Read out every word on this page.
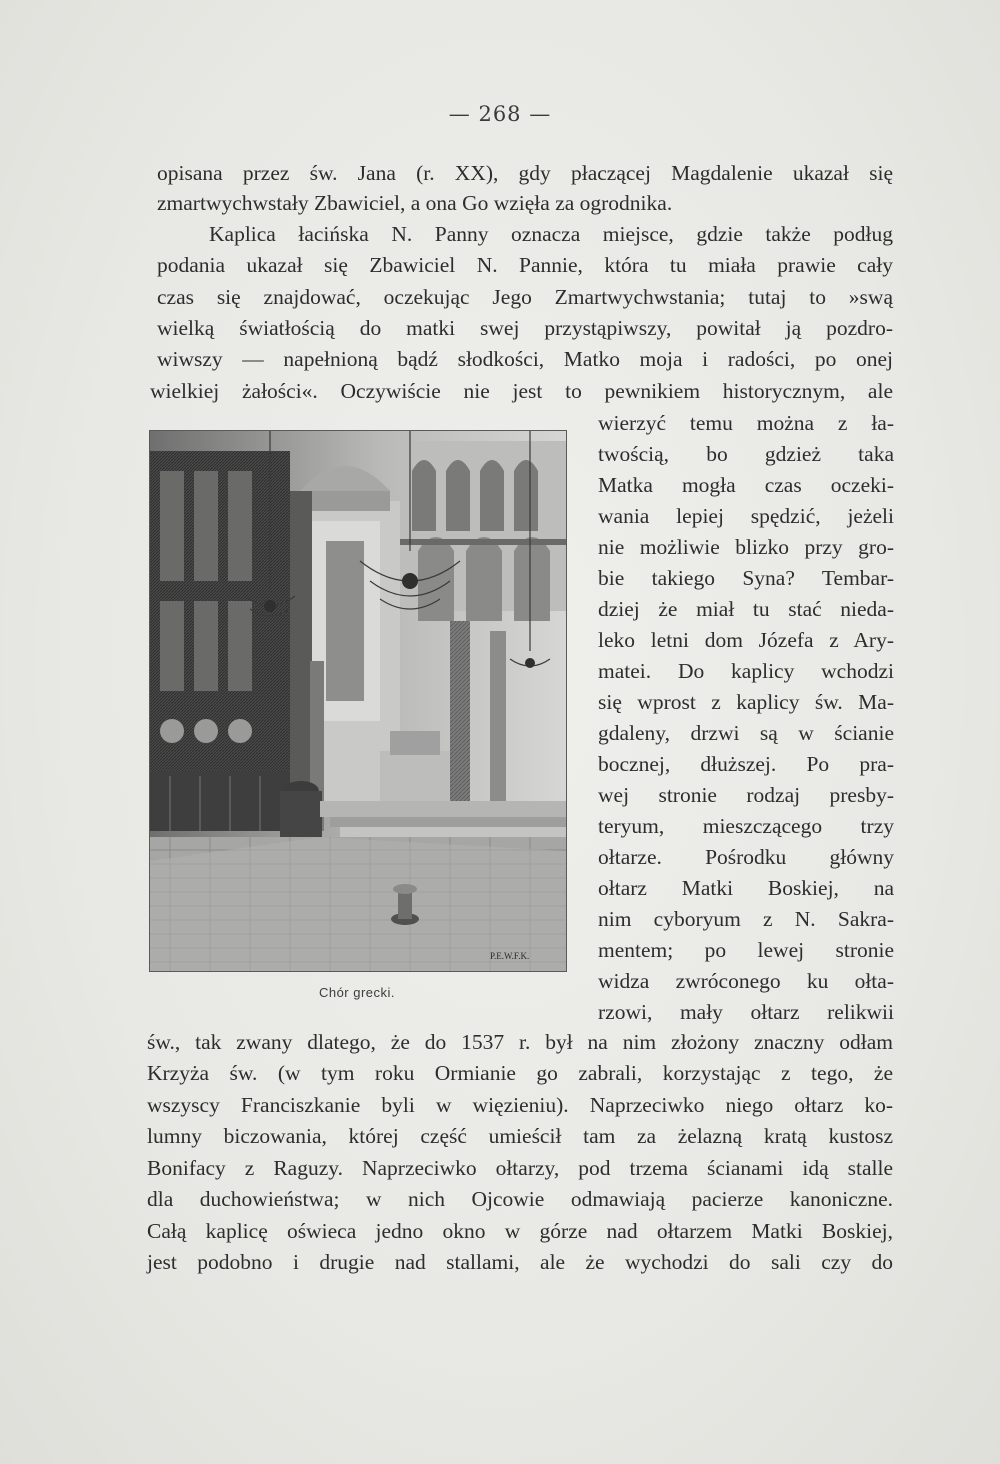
— 268 —
opisana przez św. Jana (r. XX), gdy płaczącej Magdalenie ukazał się
zmartwychwstały Zbawiciel, a ona Go wzięła za ogrodnika.
Kaplica łacińska N. Panny oznacza miejsce, gdzie także podług
podania ukazał się Zbawiciel N. Pannie, która tu miała prawie cały
czas się znajdować, oczekując Jego Zmartwychwstania; tutaj to »swą
wielką światłością do matki swej przystąpiwszy, powitał ją pozdro-
wiwszy — napełnioną bądź słodkości, Matko moja i radości, po onej
wielkiej żałości«. Oczywiście nie jest to pewnikiem historycznym, ale
wierzyć temu można z ła-
twością, bo gdzież taka
Matka mogła czas oczeki-
wania lepiej spędzić, jeżeli
nie możliwie blizko przy gro-
bie takiego Syna? Tembar-
dziej że miał tu stać nieda-
leko letni dom Józefa z Ary-
matei. Do kaplicy wchodzi
się wprost z kaplicy św. Ma-
gdaleny, drzwi są w ścianie
bocznej, dłuższej. Po pra-
wej stronie rodzaj presby-
teryum, mieszczącego trzy
ołtarze. Pośrodku główny
ołtarz Matki Boskiej, na
nim cyboryum z N. Sakra-
mentem; po lewej stronie
widza zwróconego ku ołta-
rzowi, mały ołtarz relikwii
P.E.W.F.K.
Chór grecki.
św., tak zwany dlatego, że do 1537 r. był na nim złożony znaczny odłam
Krzyża św. (w tym roku Ormianie go zabrali, korzystając z tego, że
wszyscy Franciszkanie byli w więzieniu). Naprzeciwko niego ołtarz ko-
lumny biczowania, której część umieścił tam za żelazną kratą kustosz
Bonifacy z Raguzy. Naprzeciwko ołtarzy, pod trzema ścianami idą stalle
dla duchowieństwa; w nich Ojcowie odmawiają pacierze kanoniczne.
Całą kaplicę oświeca jedno okno w górze nad ołtarzem Matki Boskiej,
jest podobno i drugie nad stallami, ale że wychodzi do sali czy do
